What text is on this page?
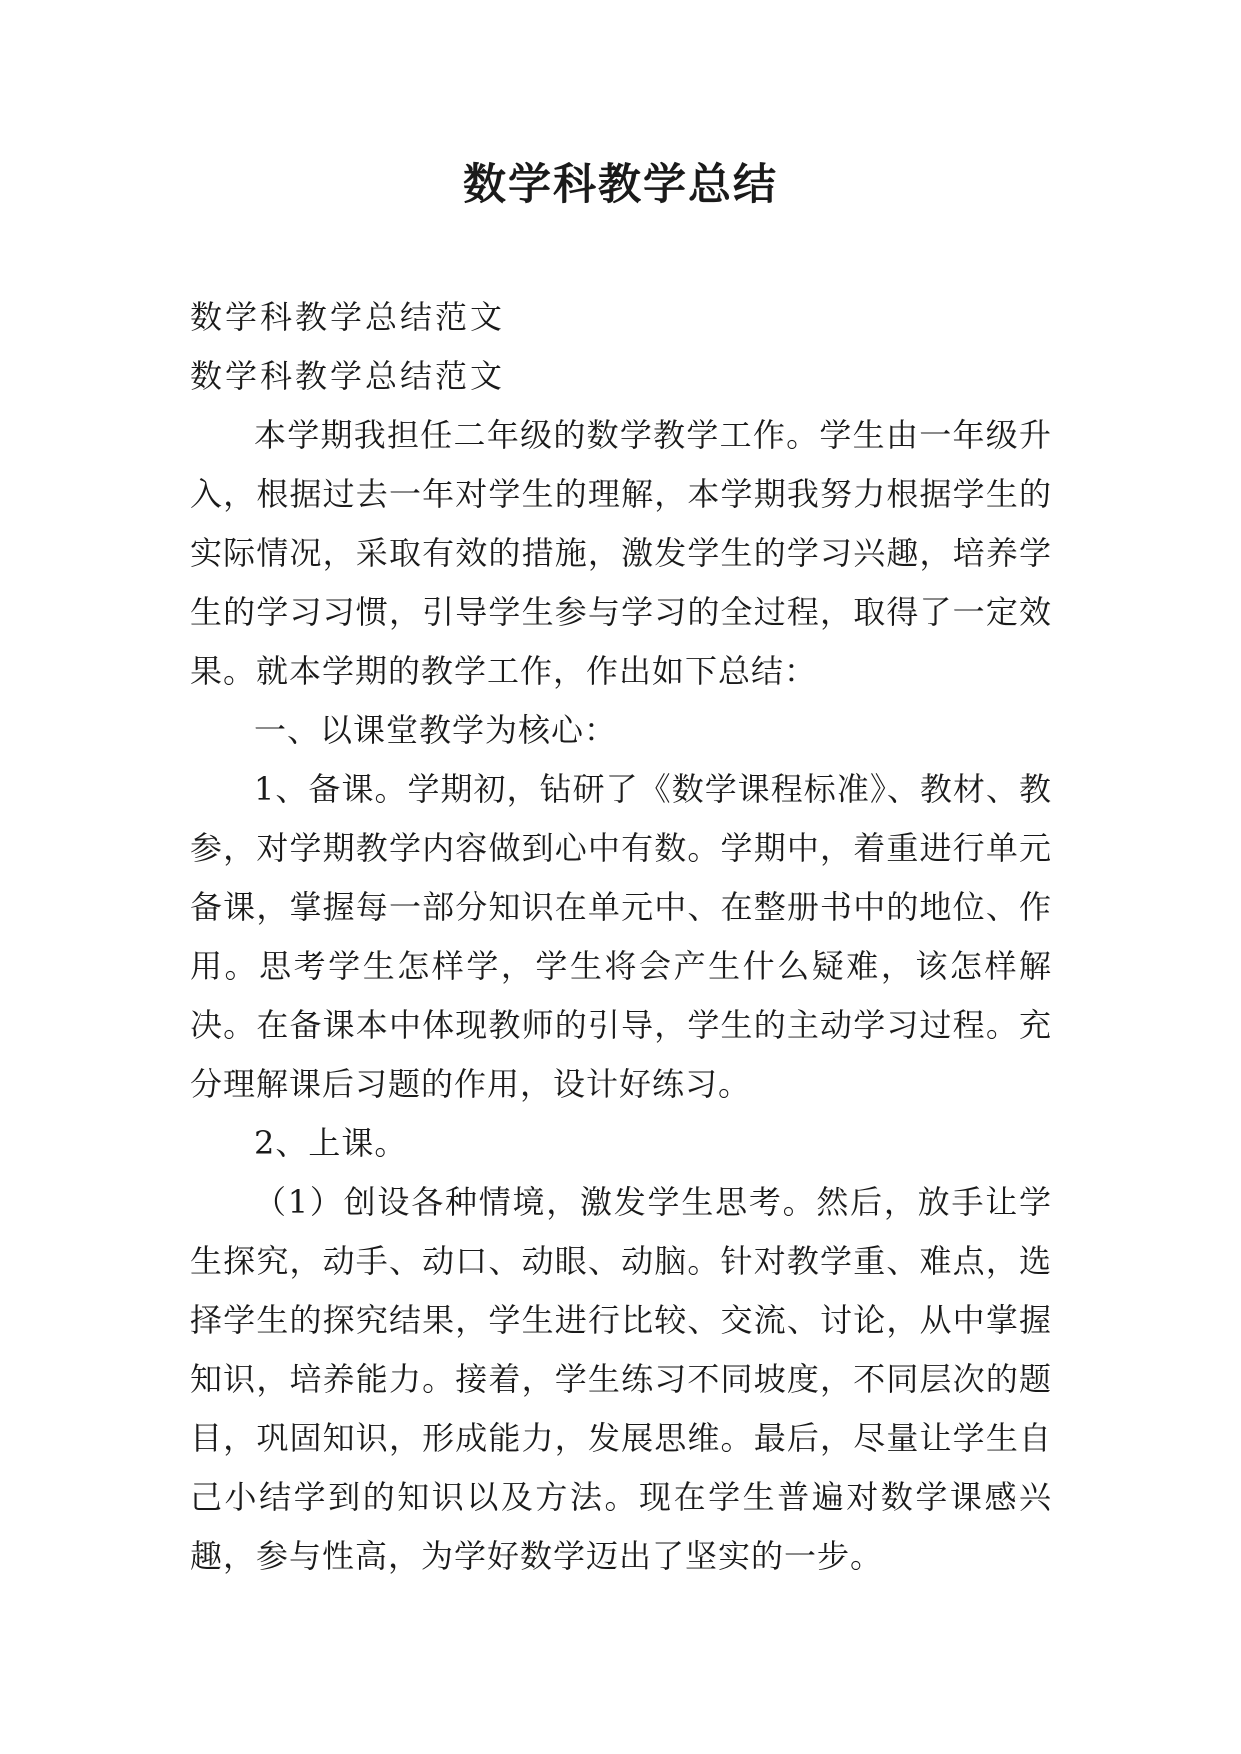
数学科教学总结

数学科教学总结范文

数学科教学总结范文

本学期我担任二年级的数学教学工作。学生由一年级升入，根据过去一年对学生的理解，本学期我努力根据学生的实际情况，采取有效的措施，激发学生的学习兴趣，培养学生的学习习惯，引导学生参与学习的全过程，取得了一定效果。就本学期的教学工作，作出如下总结：

一、以课堂教学为核心：

1、备课。学期初，钻研了《数学课程标准》、教材、教参，对学期教学内容做到心中有数。学期中，着重进行单元备课，掌握每一部分知识在单元中、在整册书中的地位、作用。思考学生怎样学，学生将会产生什么疑难，该怎样解决。在备课本中体现教师的引导，学生的主动学习过程。充分理解课后习题的作用，设计好练习。

2、上课。

（1）创设各种情境，激发学生思考。然后，放手让学生探究，动手、动口、动眼、动脑。针对教学重、难点，选择学生的探究结果，学生进行比较、交流、讨论，从中掌握知识，培养能力。接着，学生练习不同坡度，不同层次的题目，巩固知识，形成能力，发展思维。最后，尽量让学生自己小结学到的知识以及方法。现在学生普遍对数学课感兴趣，参与性高，为学好数学迈出了坚实的一步。
